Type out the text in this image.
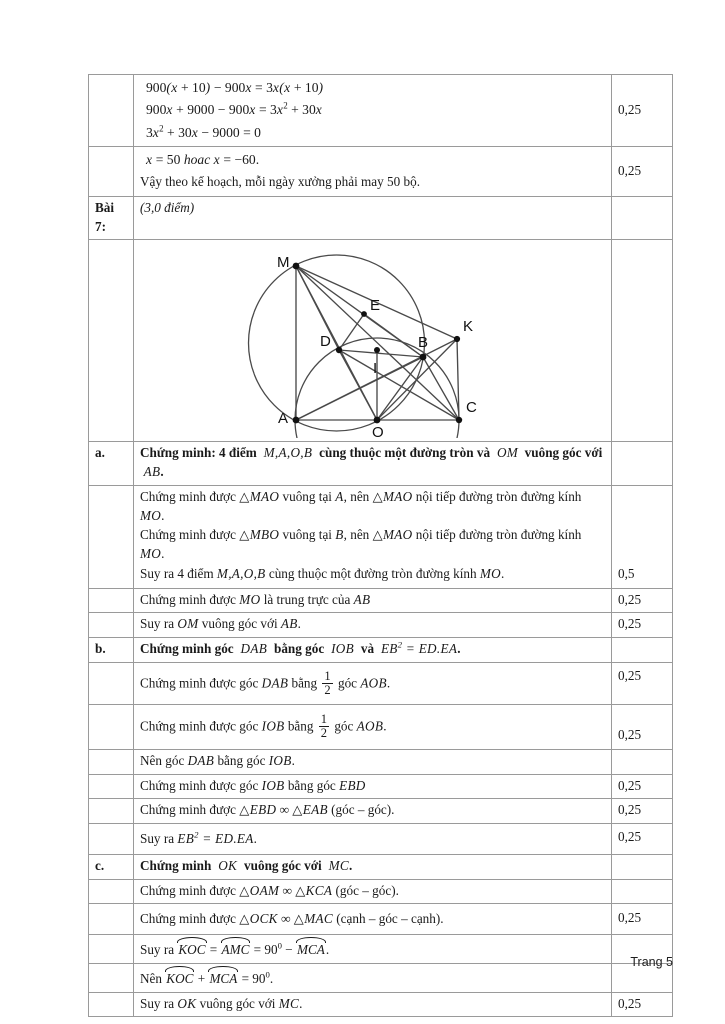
	900(x + 10) − 900x = 3x(x + 10)
$900x + 9000 - 900x = 3x^2 + 30x$
$3x^2 + 30x - 9000 = 0$	0,25

	x = 50 hoac x = −60.
Vậy theo kế hoạch, mỗi ngày xưởng phải may 50 bộ.	0,25
Bài 7:	(3,0 điểm)	

M
E
K
D	B
I
A
O
C

a.	Chứng minh: 4 điểm  M,A,O,B  cùng thuộc một đường tròn và  OM  vuông góc với  AB.	

	Chứng minh được △MAO vuông tại A, nên △MAO nội tiếp đường tròn đường kính MO.
Chứng minh được △MBO vuông tại B, nên △MAO nội tiếp đường tròn đường kính MO.
Suy ra 4 điểm M,A,O,B cùng thuộc một đường tròn đường kính MO.	0,5
	Chứng minh được MO là trung trực của AB	0,25
	Suy ra OM vuông góc với AB.	0,25
b.	Chứng minh góc  DAB  bằng góc  IOB  và  $EB^2 = ED.EA$.	
	Chứng minh được góc DAB bằng $\frac{1}{2}$ góc AOB.	0,25
	Chứng minh được góc IOB bằng $\frac{1}{2}$ góc AOB.	0,25
	Nên góc DAB bằng góc IOB.	
	Chứng minh được góc IOB bằng góc EBD	0,25
	Chứng minh được △EBD ∞ △EAB (góc – góc).	0,25
	Suy ra $EB^2 = ED.EA$.	0,25
c.	Chứng minh  OK  vuông góc với  MC.	
	Chứng minh được △OAM ∞ △KCA (góc – góc).	
	Chứng minh được △OCK ∞ △MAC (cạnh – góc – cạnh).	0,25
	Suy ra KOC = AMC = $90^0$ − MCA.	
	Nên KOC + MCA = $90^0$.	
	Suy ra OK vuông góc với MC.	0,25
Trang 5
